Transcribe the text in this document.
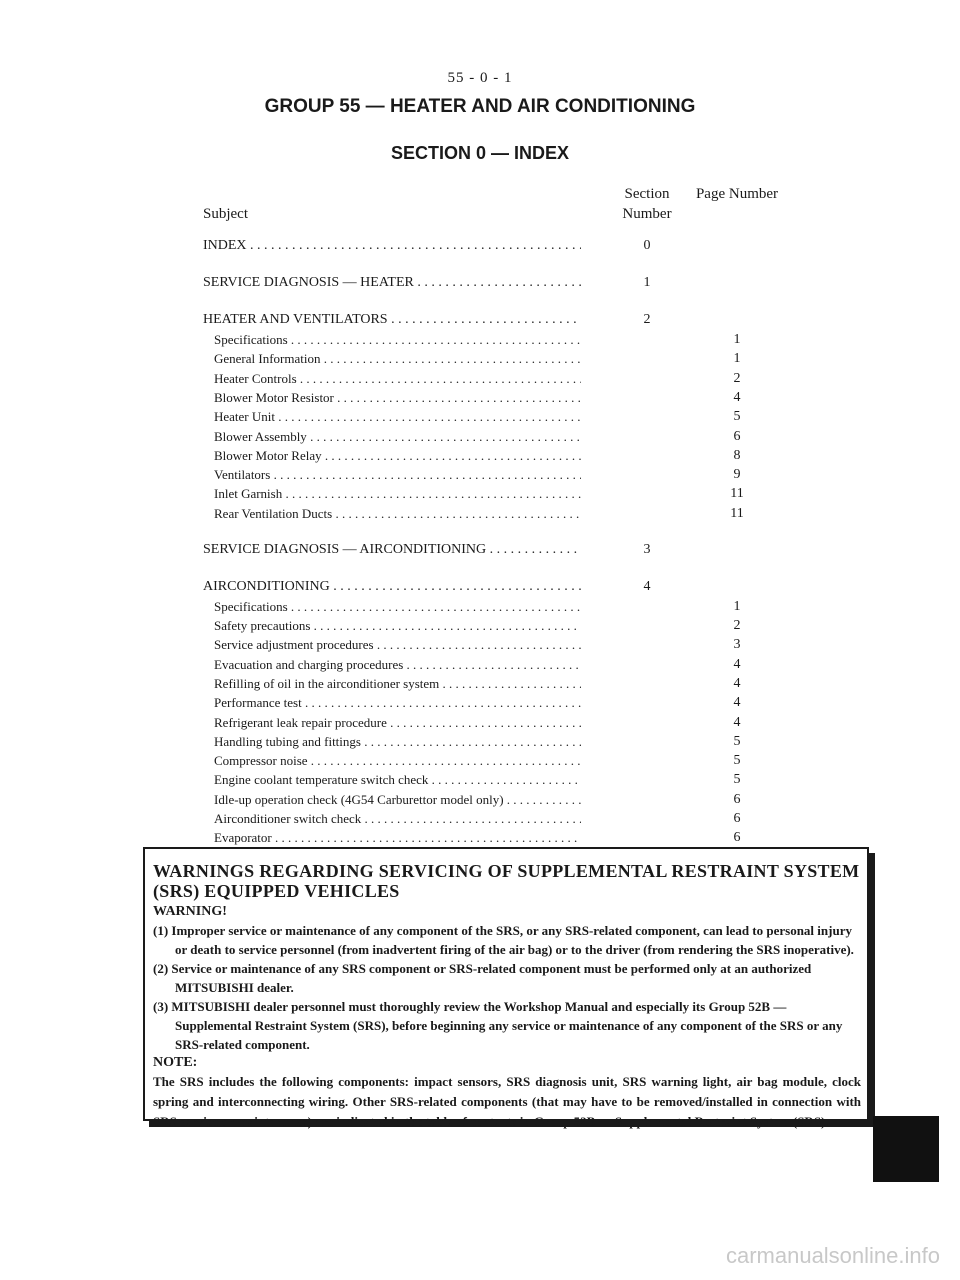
55 - 0 - 1
GROUP 55 — HEATER AND AIR CONDITIONING
SECTION 0 — INDEX
Subject
Section Number
Page Number
INDEX . . .	0
SERVICE DIAGNOSIS — HEATER . . .	1
HEATER AND VENTILATORS . . .	2
Specifications . . .	1
General Information . . .	1
Heater Controls . . .	2
Blower Motor Resistor . . .	4
Heater Unit . . .	5
Blower Assembly . . .	6
Blower Motor Relay . . .	8
Ventilators . . .	9
Inlet Garnish . . .	11
Rear Ventilation Ducts . . .	11
SERVICE DIAGNOSIS — AIRCONDITIONING . . .	3
AIRCONDITIONING . . .	4
Specifications . . .	1
Safety precautions . . .	2
Service adjustment procedures . . .	3
Evacuation and charging procedures . . .	4
Refilling of oil in the airconditioner system . . .	4
Performance test . . .	4
Refrigerant leak repair procedure . . .	4
Handling tubing and fittings . . .	5
Compressor noise . . .	5
Engine coolant temperature switch check . . .	5
Idle-up operation check (4G54 Carburettor model only) . . .	6
Airconditioner switch check . . .	6
Evaporator . . .	6
WARNINGS REGARDING SERVICING OF SUPPLEMENTAL RESTRAINT SYSTEM (SRS) EQUIPPED VEHICLES
WARNING!
(1) Improper service or maintenance of any component of the SRS, or any SRS-related component, can lead to personal injury or death to service personnel (from inadvertent firing of the air bag) or to the driver (from rendering the SRS inoperative).
(2) Service or maintenance of any SRS component or SRS-related component must be performed only at an authorized MITSUBISHI dealer.
(3) MITSUBISHI dealer personnel must thoroughly review the Workshop Manual and especially its Group 52B — Supplemental Restraint System (SRS), before beginning any service or maintenance of any component of the SRS or any SRS-related component.
NOTE:
The SRS includes the following components: impact sensors, SRS diagnosis unit, SRS warning light, air bag module, clock spring and interconnecting wiring. Other SRS-related components (that may have to be removed/installed in connection with SRS service or maintenance) are indicated in the table of contents in Group 52B — Supplemental Restraint System (SRS).
carmanualsonline.info
